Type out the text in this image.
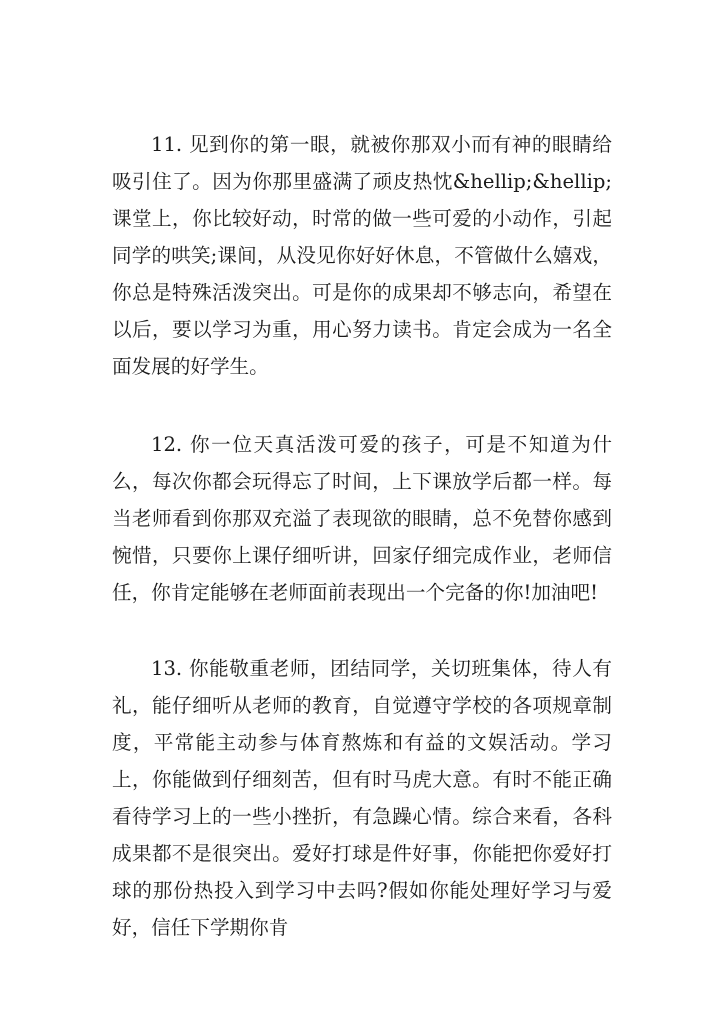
11. 见到你的第一眼，就被你那双小而有神的眼睛给吸引住了。因为你那里盛满了顽皮热忱&hellip;&hellip;课堂上，你比较好动，时常的做一些可爱的小动作，引起同学的哄笑;课间，从没见你好好休息，不管做什么嬉戏，你总是特殊活泼突出。可是你的成果却不够志向，希望在以后，要以学习为重，用心努力读书。肯定会成为一名全面发展的好学生。

12. 你一位天真活泼可爱的孩子，可是不知道为什么，每次你都会玩得忘了时间，上下课放学后都一样。每当老师看到你那双充溢了表现欲的眼睛，总不免替你感到惋惜，只要你上课仔细听讲，回家仔细完成作业，老师信任，你肯定能够在老师面前表现出一个完备的你!加油吧!

13. 你能敬重老师，团结同学，关切班集体，待人有礼，能仔细听从老师的教育，自觉遵守学校的各项规章制度，平常能主动参与体育熬炼和有益的文娱活动。学习上，你能做到仔细刻苦，但有时马虎大意。有时不能正确看待学习上的一些小挫折，有急躁心情。综合来看，各科成果都不是很突出。爱好打球是件好事，你能把你爱好打球的那份热投入到学习中去吗?假如你能处理好学习与爱好，信任下学期你肯
